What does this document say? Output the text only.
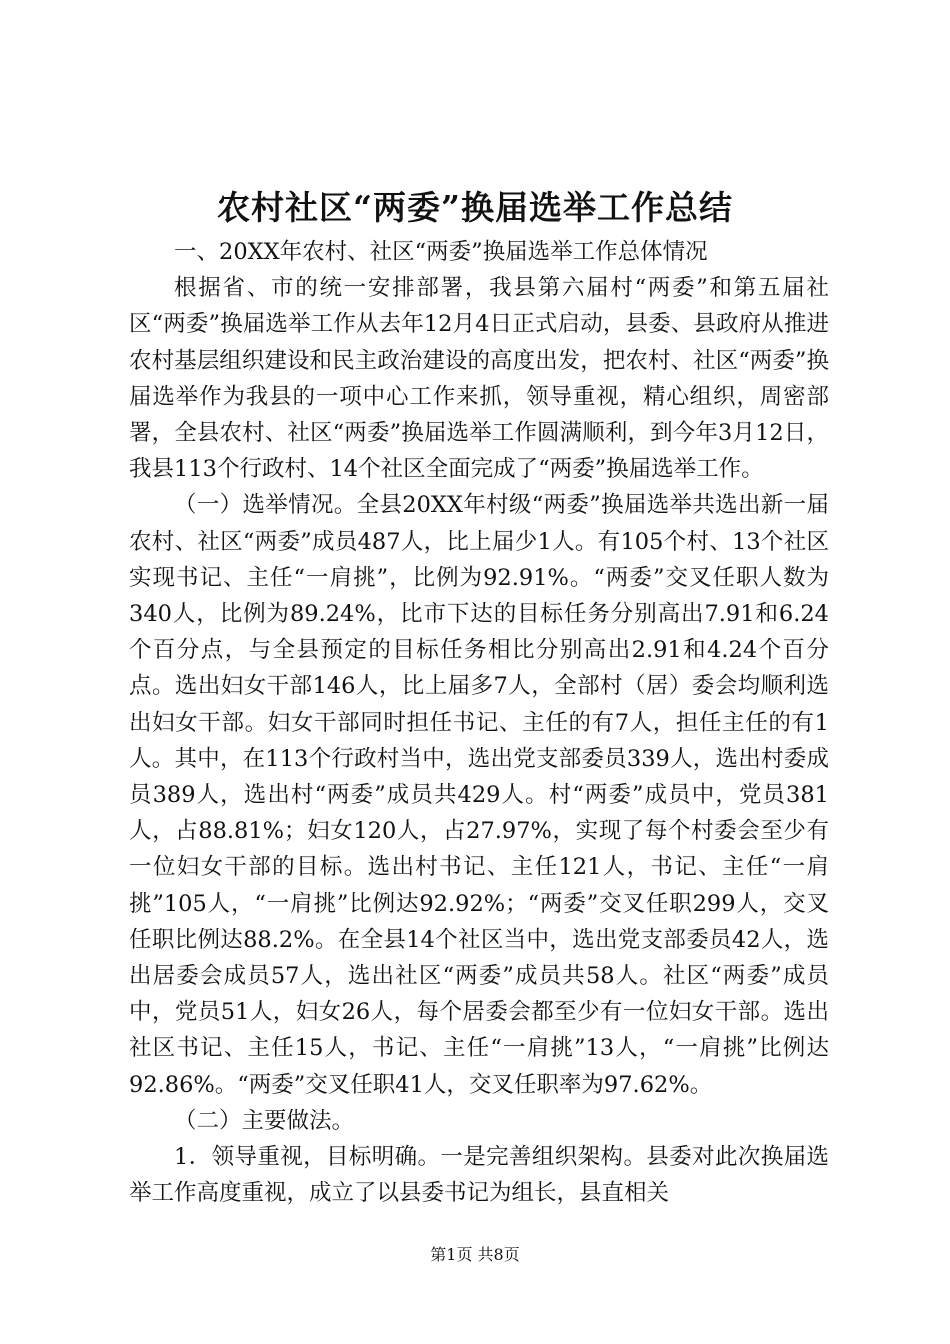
农村社区“两委”换届选举工作总结

一、20XX年农村、社区“两委”换届选举工作总体情况

根据省、市的统一安排部署，我县第六届村“两委”和第五届社区“两委”换届选举工作从去年12月4日正式启动，县委、县政府从推进农村基层组织建设和民主政治建设的高度出发，把农村、社区“两委”换届选举作为我县的一项中心工作来抓，领导重视，精心组织，周密部署，全县农村、社区“两委”换届选举工作圆满顺利，到今年3月12日，我县113个行政村、14个社区全面完成了“两委”换届选举工作。

（一）选举情况。全县20XX年村级“两委”换届选举共选出新一届农村、社区“两委”成员487人，比上届少1人。有105个村、13个社区实现书记、主任“一肩挑”，比例为92.91%。“两委”交叉任职人数为340人，比例为89.24%，比市下达的目标任务分别高出7.91和6.24个百分点，与全县预定的目标任务相比分别高出2.91和4.24个百分点。选出妇女干部146人，比上届多7人，全部村（居）委会均顺利选出妇女干部。妇女干部同时担任书记、主任的有7人，担任主任的有1人。其中，在113个行政村当中，选出党支部委员339人，选出村委成员389人，选出村“两委”成员共429人。村“两委”成员中，党员381人，占88.81%；妇女120人，占27.97%，实现了每个村委会至少有一位妇女干部的目标。选出村书记、主任121人，书记、主任“一肩挑”105人，“一肩挑”比例达92.92%；“两委”交叉任职299人，交叉任职比例达88.2%。在全县14个社区当中，选出党支部委员42人，选出居委会成员57人，选出社区“两委”成员共58人。社区“两委”成员中，党员51人，妇女26人，每个居委会都至少有一位妇女干部。选出社区书记、主任15人，书记、主任“一肩挑”13人，“一肩挑”比例达92.86%。“两委”交叉任职41人，交叉任职率为97.62%。

（二）主要做法。

1．领导重视，目标明确。一是完善组织架构。县委对此次换届选举工作高度重视，成立了以县委书记为组长，县直相关

第1页 共8页
